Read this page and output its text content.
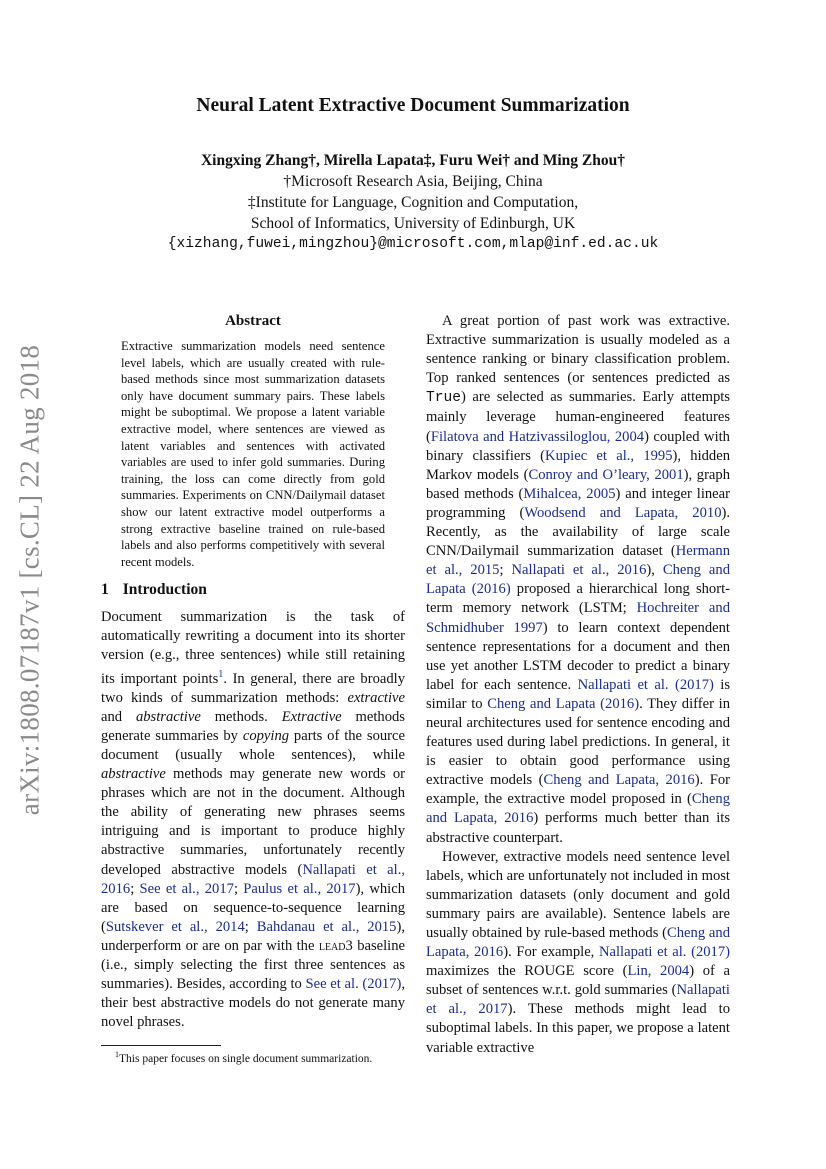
arXiv:1808.07187v1 [cs.CL] 22 Aug 2018
Neural Latent Extractive Document Summarization
Xingxing Zhang†, Mirella Lapata‡, Furu Wei† and Ming Zhou†
†Microsoft Research Asia, Beijing, China
‡Institute for Language, Cognition and Computation,
School of Informatics, University of Edinburgh, UK
{xizhang,fuwei,mingzhou}@microsoft.com,mlap@inf.ed.ac.uk
Abstract
Extractive summarization models need sentence level labels, which are usually created with rule-based methods since most summarization datasets only have document summary pairs. These labels might be suboptimal. We propose a latent variable extractive model, where sentences are viewed as latent variables and sentences with activated variables are used to infer gold summaries. During training, the loss can come directly from gold summaries. Experiments on CNN/Dailymail dataset show our latent extractive model outperforms a strong extractive baseline trained on rule-based labels and also performs competitively with several recent models.
1 Introduction

Document summarization is the task of automatically rewriting a document into its shorter version (e.g., three sentences) while still retaining its important points$^1$. In general, there are broadly two kinds of summarization methods: extractive and abstractive methods. Extractive methods generate summaries by copying parts of the source document (usually whole sentences), while abstractive methods may generate new words or phrases which are not in the document. Although the ability of generating new phrases seems intriguing and is important to produce highly abstractive summaries, unfortunately recently developed abstractive models (Nallapati et al., 2016; See et al., 2017; Paulus et al., 2017), which are based on sequence-to-sequence learning (Sutskever et al., 2014; Bahdanau et al., 2015), underperform or are on par with the lead3 baseline (i.e., simply selecting the first three sentences as summaries). Besides, according to See et al. (2017), their best abstractive models do not generate many novel phrases.

A great portion of past work was extractive. Extractive summarization is usually modeled as a sentence ranking or binary classification problem. Top ranked sentences (or sentences predicted as True) are selected as summaries. Early attempts mainly leverage human-engineered features (Filatova and Hatzivassiloglou, 2004) coupled with binary classifiers (Kupiec et al., 1995), hidden Markov models (Conroy and O’leary, 2001), graph based methods (Mihalcea, 2005) and integer linear programming (Woodsend and Lapata, 2010). Recently, as the availability of large scale CNN/Dailymail summarization dataset (Hermann et al., 2015; Nallapati et al., 2016), Cheng and Lapata (2016) proposed a hierarchical long short-term memory network (LSTM; Hochreiter and Schmidhuber 1997) to learn context dependent sentence representations for a document and then use yet another LSTM decoder to predict a binary label for each sentence. Nallapati et al. (2017) is similar to Cheng and Lapata (2016). They differ in neural architectures used for sentence encoding and features used during label predictions. In general, it is easier to obtain good performance using extractive models (Cheng and Lapata, 2016). For example, the extractive model proposed in (Cheng and Lapata, 2016) performs much better than its abstractive counterpart.

However, extractive models need sentence level labels, which are unfortunately not included in most summarization datasets (only document and gold summary pairs are available). Sentence labels are usually obtained by rule-based methods (Cheng and Lapata, 2016). For example, Nallapati et al. (2017) maximizes the ROUGE score (Lin, 2004) of a subset of sentences w.r.t. gold summaries (Nallapati et al., 2017). These methods might lead to suboptimal labels. In this paper, we propose a latent variable extractive

$^1$This paper focuses on single document summarization.
